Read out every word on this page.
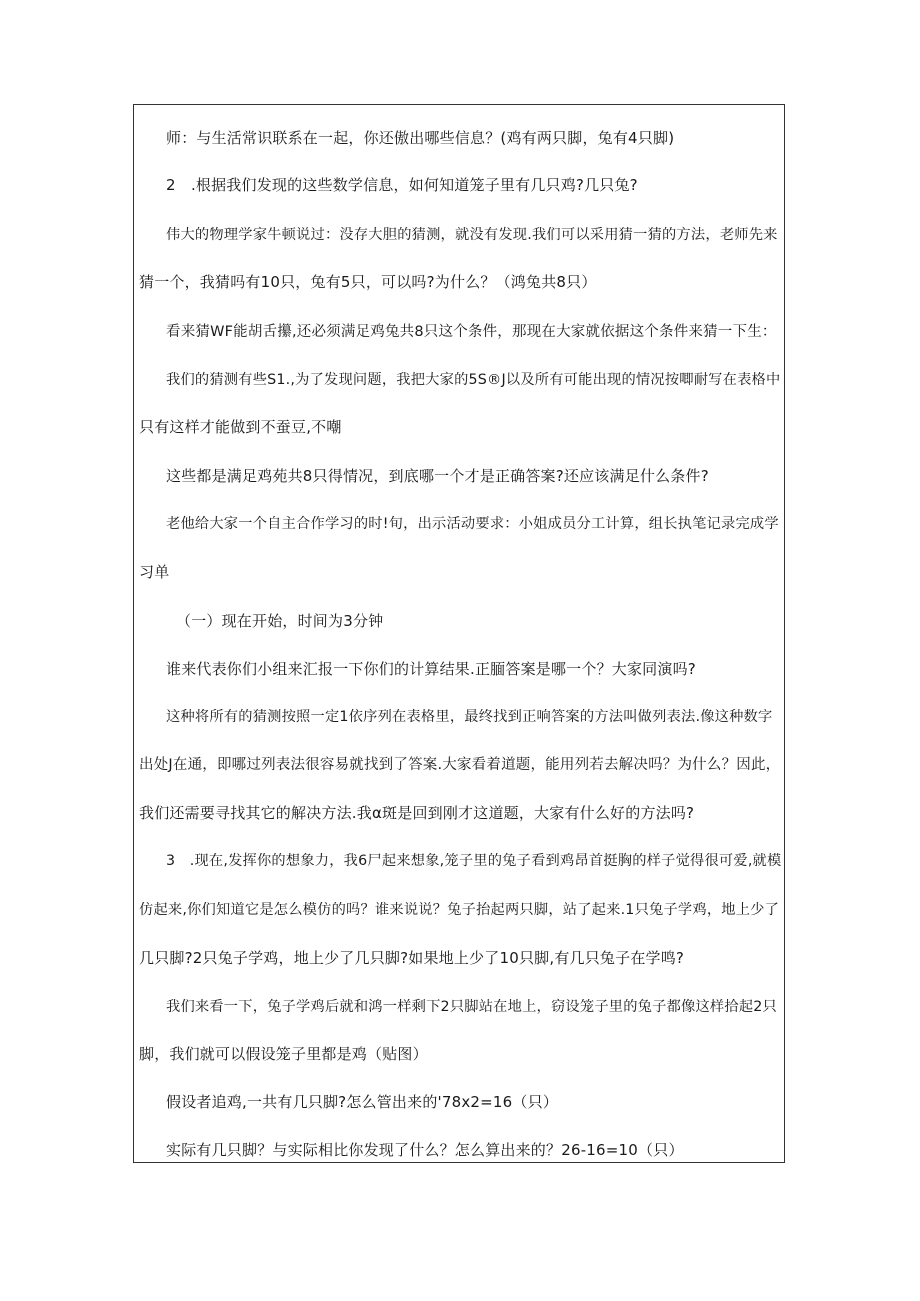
师：与生活常识联系在一起，你还傲出哪些信息？(鸡有两只脚，兔有4只脚)
2　.根据我们发现的这些数学信息，如何知道笼子里有几只鸡?几只兔?
伟大的物理学家牛顿说过：没存大胆的猜测，就没有发现.我们可以采用猜一猜的方法，老师先来
猜一个，我猜吗有10只，兔有5只，可以吗?为什么？（鸿兔共8只）
看来猜WF能胡舌攥,还必须满足鸡兔共8只这个条件，那现在大家就依据这个条件来猜一下生：
我们的猜测有些S1.,为了发现问题，我把大家的5S®J以及所有可能出现的情况按唧耐写在表格中
只有这样才能做到不蚕豆,不嘲
这些都是满足鸡苑共8只得情况，到底哪一个才是正确答案?还应该满足什么条件?
老他给大家一个自主合作学习的时!旬，出示活动要求：小姐成员分工计算，组长执笔记录完成学
习单
（一）现在开始，时间为3分钟
谁来代表你们小组来汇报一下你们的计算结果.正腼答案是哪一个？大家同演吗?
这种将所有的猜测按照一定1依序列在表格里，最终找到正响答案的方法叫做列表法.像这种数字
出处J在通，即哪过列表法很容易就找到了答案.大家看着道题，能用列若去解决吗？为什么？因此，
我们还需要寻找其它的解决方法.我α斑是回到刚才这道题，大家有什么好的方法吗?
3　.现在,发挥你的想象力，我6尸起来想象,笼子里的兔子看到鸡昂首挺胸的样子觉得很可爱,就模
仿起来,你们知道它是怎么模仿的吗？谁来说说？兔子抬起两只脚，站了起来.1只兔子学鸡，地上少了
几只脚?2只兔子学鸡，地上少了几只脚?如果地上少了10只脚,有几只兔子在学鸣?
我们来看一下，兔子学鸡后就和鸿一样剩下2只脚站在地上，窃设笼子里的兔子都像这样拾起2只
脚，我们就可以假设笼子里都是鸡（贴图）
假设者追鸡,一共有几只脚?怎么管出来的'78x2=16（只）
实际有几只脚？与实际相比你发现了什么？怎么算出来的？26-16=10（只）
